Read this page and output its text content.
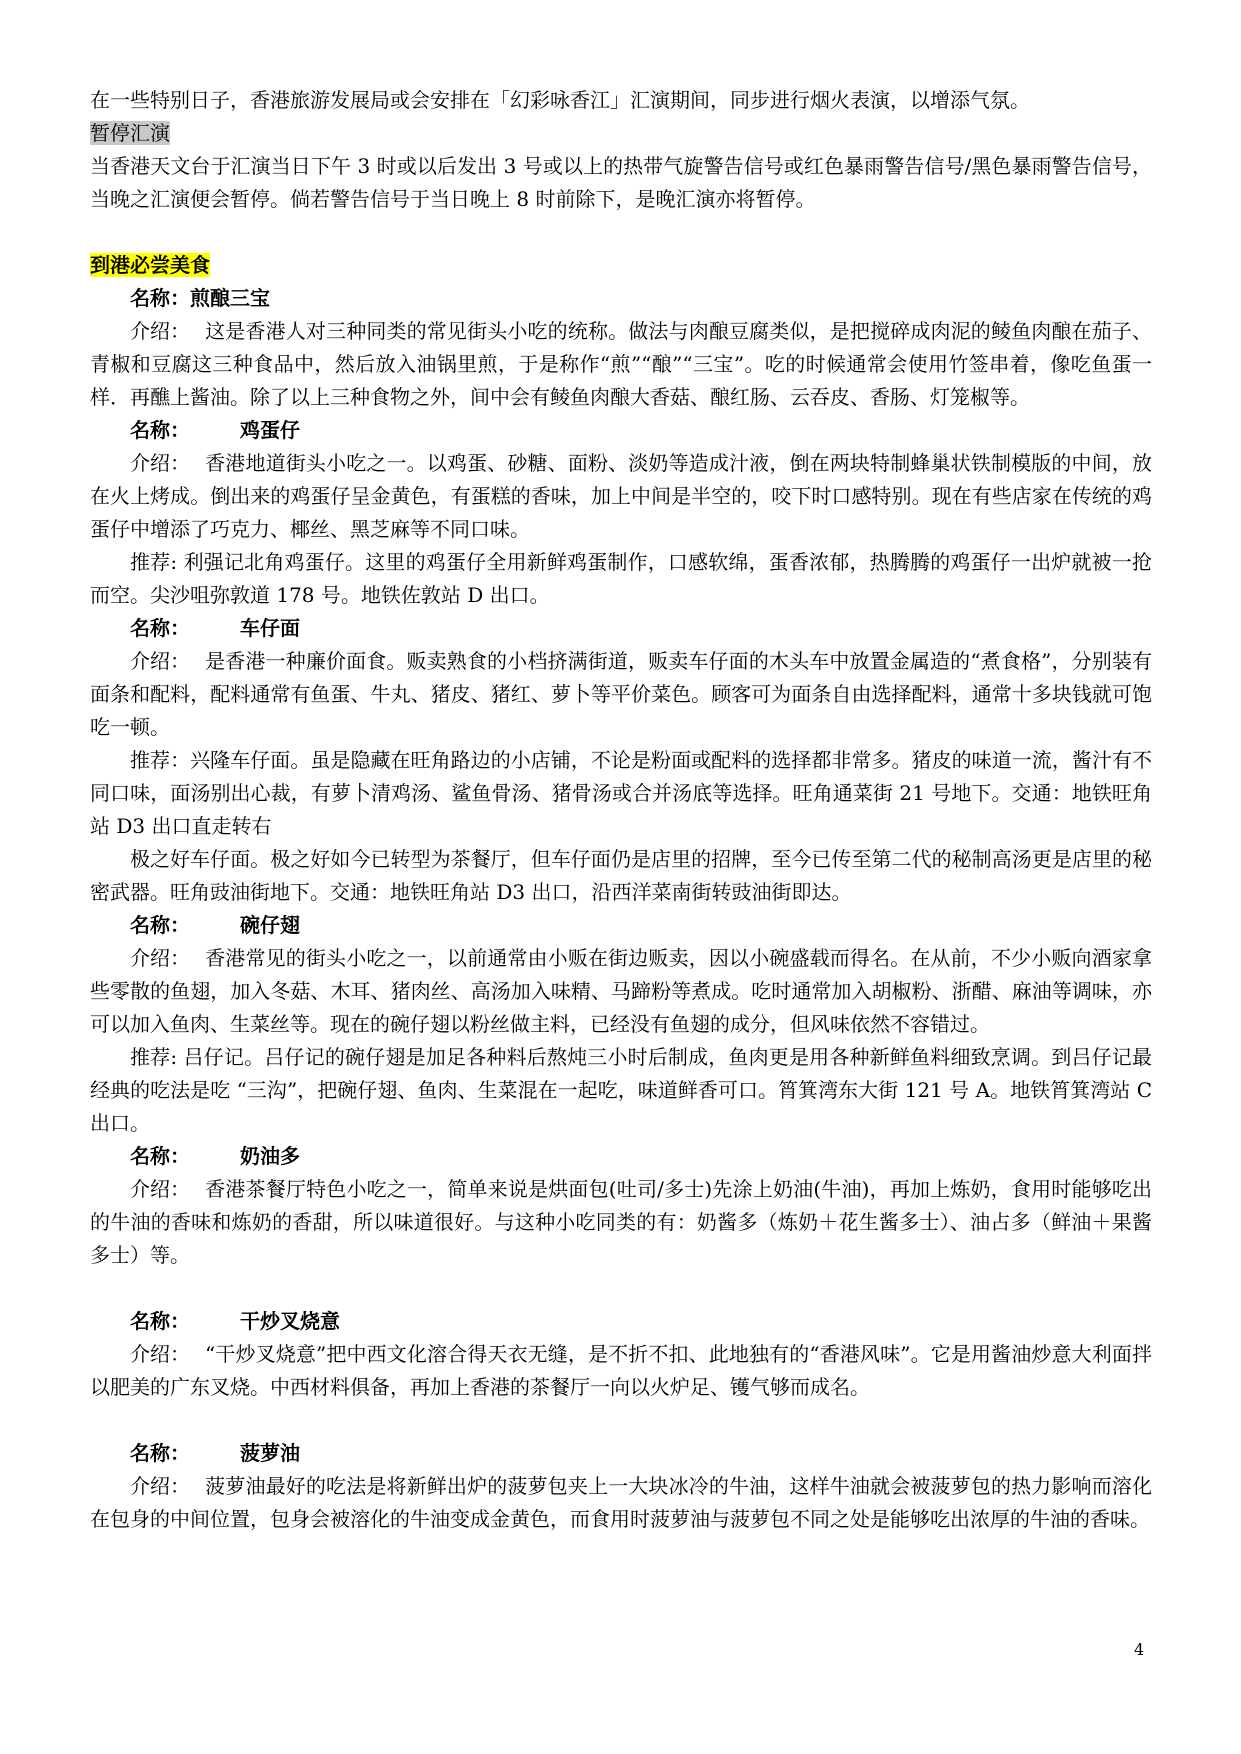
在一些特别日子，香港旅游发展局或会安排在「幻彩咏香江」汇演期间，同步进行烟火表演，以增添气氛。

暂停汇演

当香港天文台于汇演当日下午 3 时或以后发出 3 号或以上的热带气旋警告信号或红色暴雨警告信号/黑色暴雨警告信号，当晚之汇演便会暂停。倘若警告信号于当日晚上 8 时前除下，是晚汇演亦将暂停。

到港必尝美食

名称：煎酿三宝

介绍： 这是香港人对三种同类的常见街头小吃的统称。做法与肉酿豆腐类似，是把搅碎成肉泥的鲮鱼肉酿在茄子、青椒和豆腐这三种食品中，然后放入油锅里煎，于是称作“煎”“酿”“三宝”。吃的时候通常会使用竹签串着，像吃鱼蛋一样．再醮上酱油。除了以上三种食物之外，间中会有鲮鱼肉酿大香菇、酿红肠、云吞皮、香肠、灯笼椒等。

名称：	鸡蛋仔

介绍： 香港地道街头小吃之一。以鸡蛋、砂糖、面粉、淡奶等造成汁液，倒在两块特制蜂巢状铁制模版的中间，放在火上烤成。倒出来的鸡蛋仔呈金黄色，有蛋糕的香味，加上中间是半空的，咬下时口感特别。现在有些店家在传统的鸡蛋仔中增添了巧克力、椰丝、黑芝麻等不同口味。

推荐: 利强记北角鸡蛋仔。这里的鸡蛋仔全用新鲜鸡蛋制作，口感软绵，蛋香浓郁，热腾腾的鸡蛋仔一出炉就被一抢而空。尖沙咀弥敦道 178 号。地铁佐敦站 D 出口。

名称：	车仔面

介绍： 是香港一种廉价面食。贩卖熟食的小档挤满街道，贩卖车仔面的木头车中放置金属造的“煮食格”，分别装有面条和配料，配料通常有鱼蛋、牛丸、猪皮、猪红、萝卜等平价菜色。顾客可为面条自由选择配料，通常十多块钱就可饱吃一顿。

推荐：兴隆车仔面。虽是隐藏在旺角路边的小店铺，不论是粉面或配料的选择都非常多。猪皮的味道一流，酱汁有不同口味，面汤别出心裁，有萝卜清鸡汤、鲨鱼骨汤、猪骨汤或合并汤底等选择。旺角通菜街 21 号地下。交通：地铁旺角站 D3 出口直走转右

极之好车仔面。极之好如今已转型为茶餐厅，但车仔面仍是店里的招牌，至今已传至第二代的秘制高汤更是店里的秘密武器。旺角豉油街地下。交通：地铁旺角站 D3 出口，沿西洋菜南街转豉油街即达。

名称：	碗仔翅

介绍： 香港常见的街头小吃之一，以前通常由小贩在街边贩卖，因以小碗盛载而得名。在从前，不少小贩向酒家拿些零散的鱼翅，加入冬菇、木耳、猪肉丝、高汤加入味精、马蹄粉等煮成。吃时通常加入胡椒粉、浙醋、麻油等调味，亦可以加入鱼肉、生菜丝等。现在的碗仔翅以粉丝做主料，已经没有鱼翅的成分，但风味依然不容错过。

推荐: 吕仔记。吕仔记的碗仔翅是加足各种料后熬炖三小时后制成，鱼肉更是用各种新鲜鱼料细致烹调。到吕仔记最经典的吃法是吃 “三沟”，把碗仔翅、鱼肉、生菜混在一起吃，味道鲜香可口。筲箕湾东大街 121 号 A。地铁筲箕湾站 C 出口。

名称：	奶油多

介绍： 香港茶餐厅特色小吃之一，简单来说是烘面包(吐司/多士)先涂上奶油(牛油)，再加上炼奶，食用时能够吃出的牛油的香味和炼奶的香甜，所以味道很好。与这种小吃同类的有：奶酱多（炼奶＋花生酱多士）、油占多（鲜油＋果酱多士）等。

名称：	干炒叉烧意

介绍： “干炒叉烧意”把中西文化溶合得天衣无缝，是不折不扣、此地独有的“香港风味”。它是用酱油炒意大利面拌以肥美的广东叉烧。中西材料俱备，再加上香港的茶餐厅一向以火炉足、镬气够而成名。

名称：	菠萝油

介绍： 菠萝油最好的吃法是将新鲜出炉的菠萝包夹上一大块冰冷的牛油，这样牛油就会被菠萝包的热力影响而溶化在包身的中间位置，包身会被溶化的牛油变成金黄色，而食用时菠萝油与菠萝包不同之处是能够吃出浓厚的牛油的香味。

4
